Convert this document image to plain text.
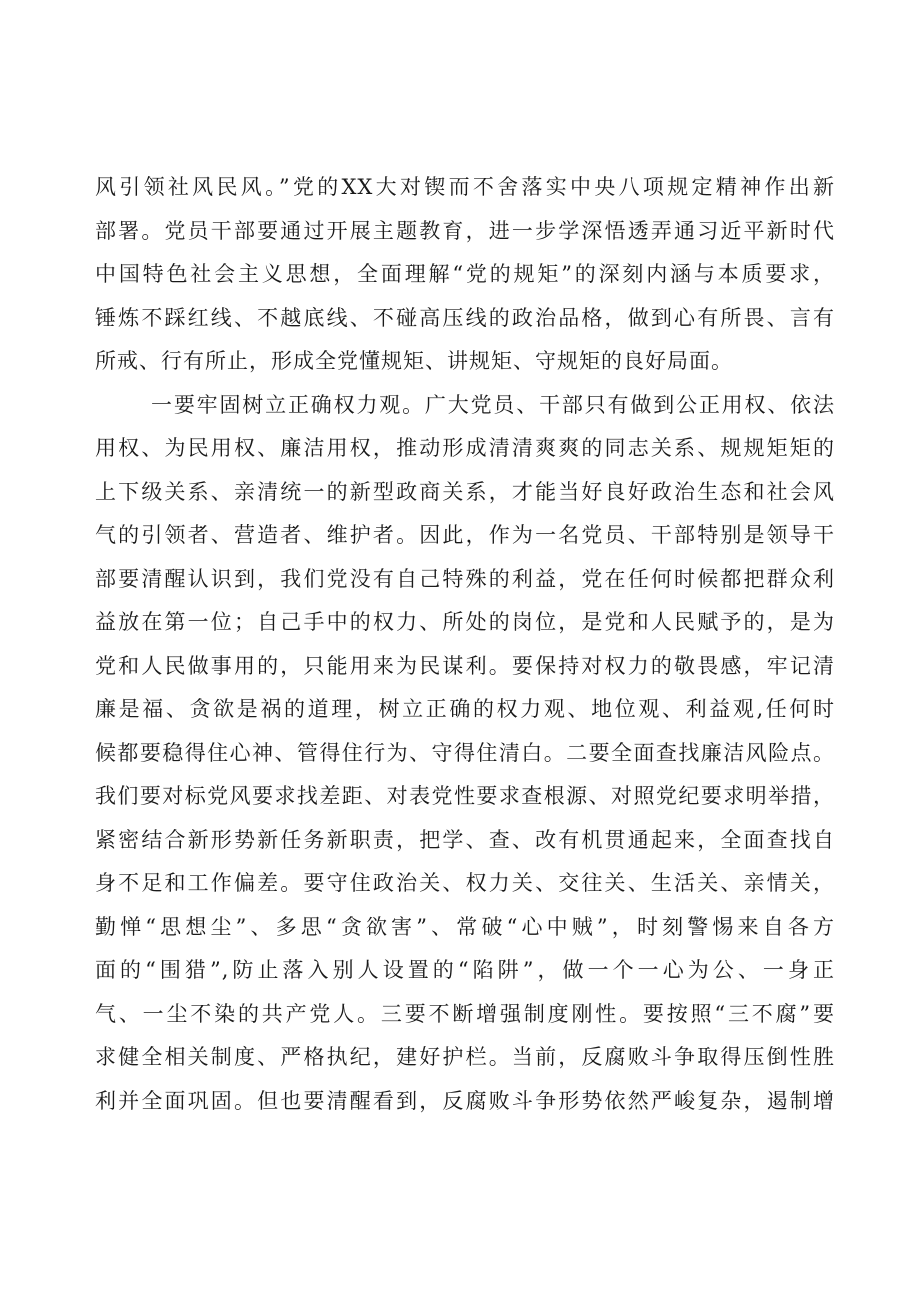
风引领社风民风。”党的XX大对锲而不舍落实中央八项规定精神作出新
部署。党员干部要通过开展主题教育，进一步学深悟透弄通习近平新时代
中国特色社会主义思想，全面理解“党的规矩”的深刻内涵与本质要求，
锤炼不踩红线、不越底线、不碰高压线的政治品格，做到心有所畏、言有
所戒、行有所止，形成全党懂规矩、讲规矩、守规矩的良好局面。
一要牢固树立正确权力观。广大党员、干部只有做到公正用权、依法
用权、为民用权、廉洁用权，推动形成清清爽爽的同志关系、规规矩矩的
上下级关系、亲清统一的新型政商关系，才能当好良好政治生态和社会风
气的引领者、营造者、维护者。因此，作为一名党员、干部特别是领导干
部要清醒认识到，我们党没有自己特殊的利益，党在任何时候都把群众利
益放在第一位；自己手中的权力、所处的岗位，是党和人民赋予的，是为
党和人民做事用的，只能用来为民谋利。要保持对权力的敬畏感，牢记清
廉是福、贪欲是祸的道理，树立正确的权力观、地位观、利益观,任何时
候都要稳得住心神、管得住行为、守得住清白。二要全面查找廉洁风险点。
我们要对标党风要求找差距、对表党性要求查根源、对照党纪要求明举措，
紧密结合新形势新任务新职责，把学、查、改有机贯通起来，全面查找自
身不足和工作偏差。要守住政治关、权力关、交往关、生活关、亲情关，
勤惮“思想尘”、多思“贪欲害”、常破“心中贼”，时刻警惕来自各方
面的“围猎”,防止落入别人设置的“陷阱”，做一个一心为公、一身正
气、一尘不染的共产党人。三要不断增强制度刚性。要按照“三不腐”要
求健全相关制度、严格执纪，建好护栏。当前，反腐败斗争取得压倒性胜
利并全面巩固。但也要清醒看到，反腐败斗争形势依然严峻复杂，遏制增
